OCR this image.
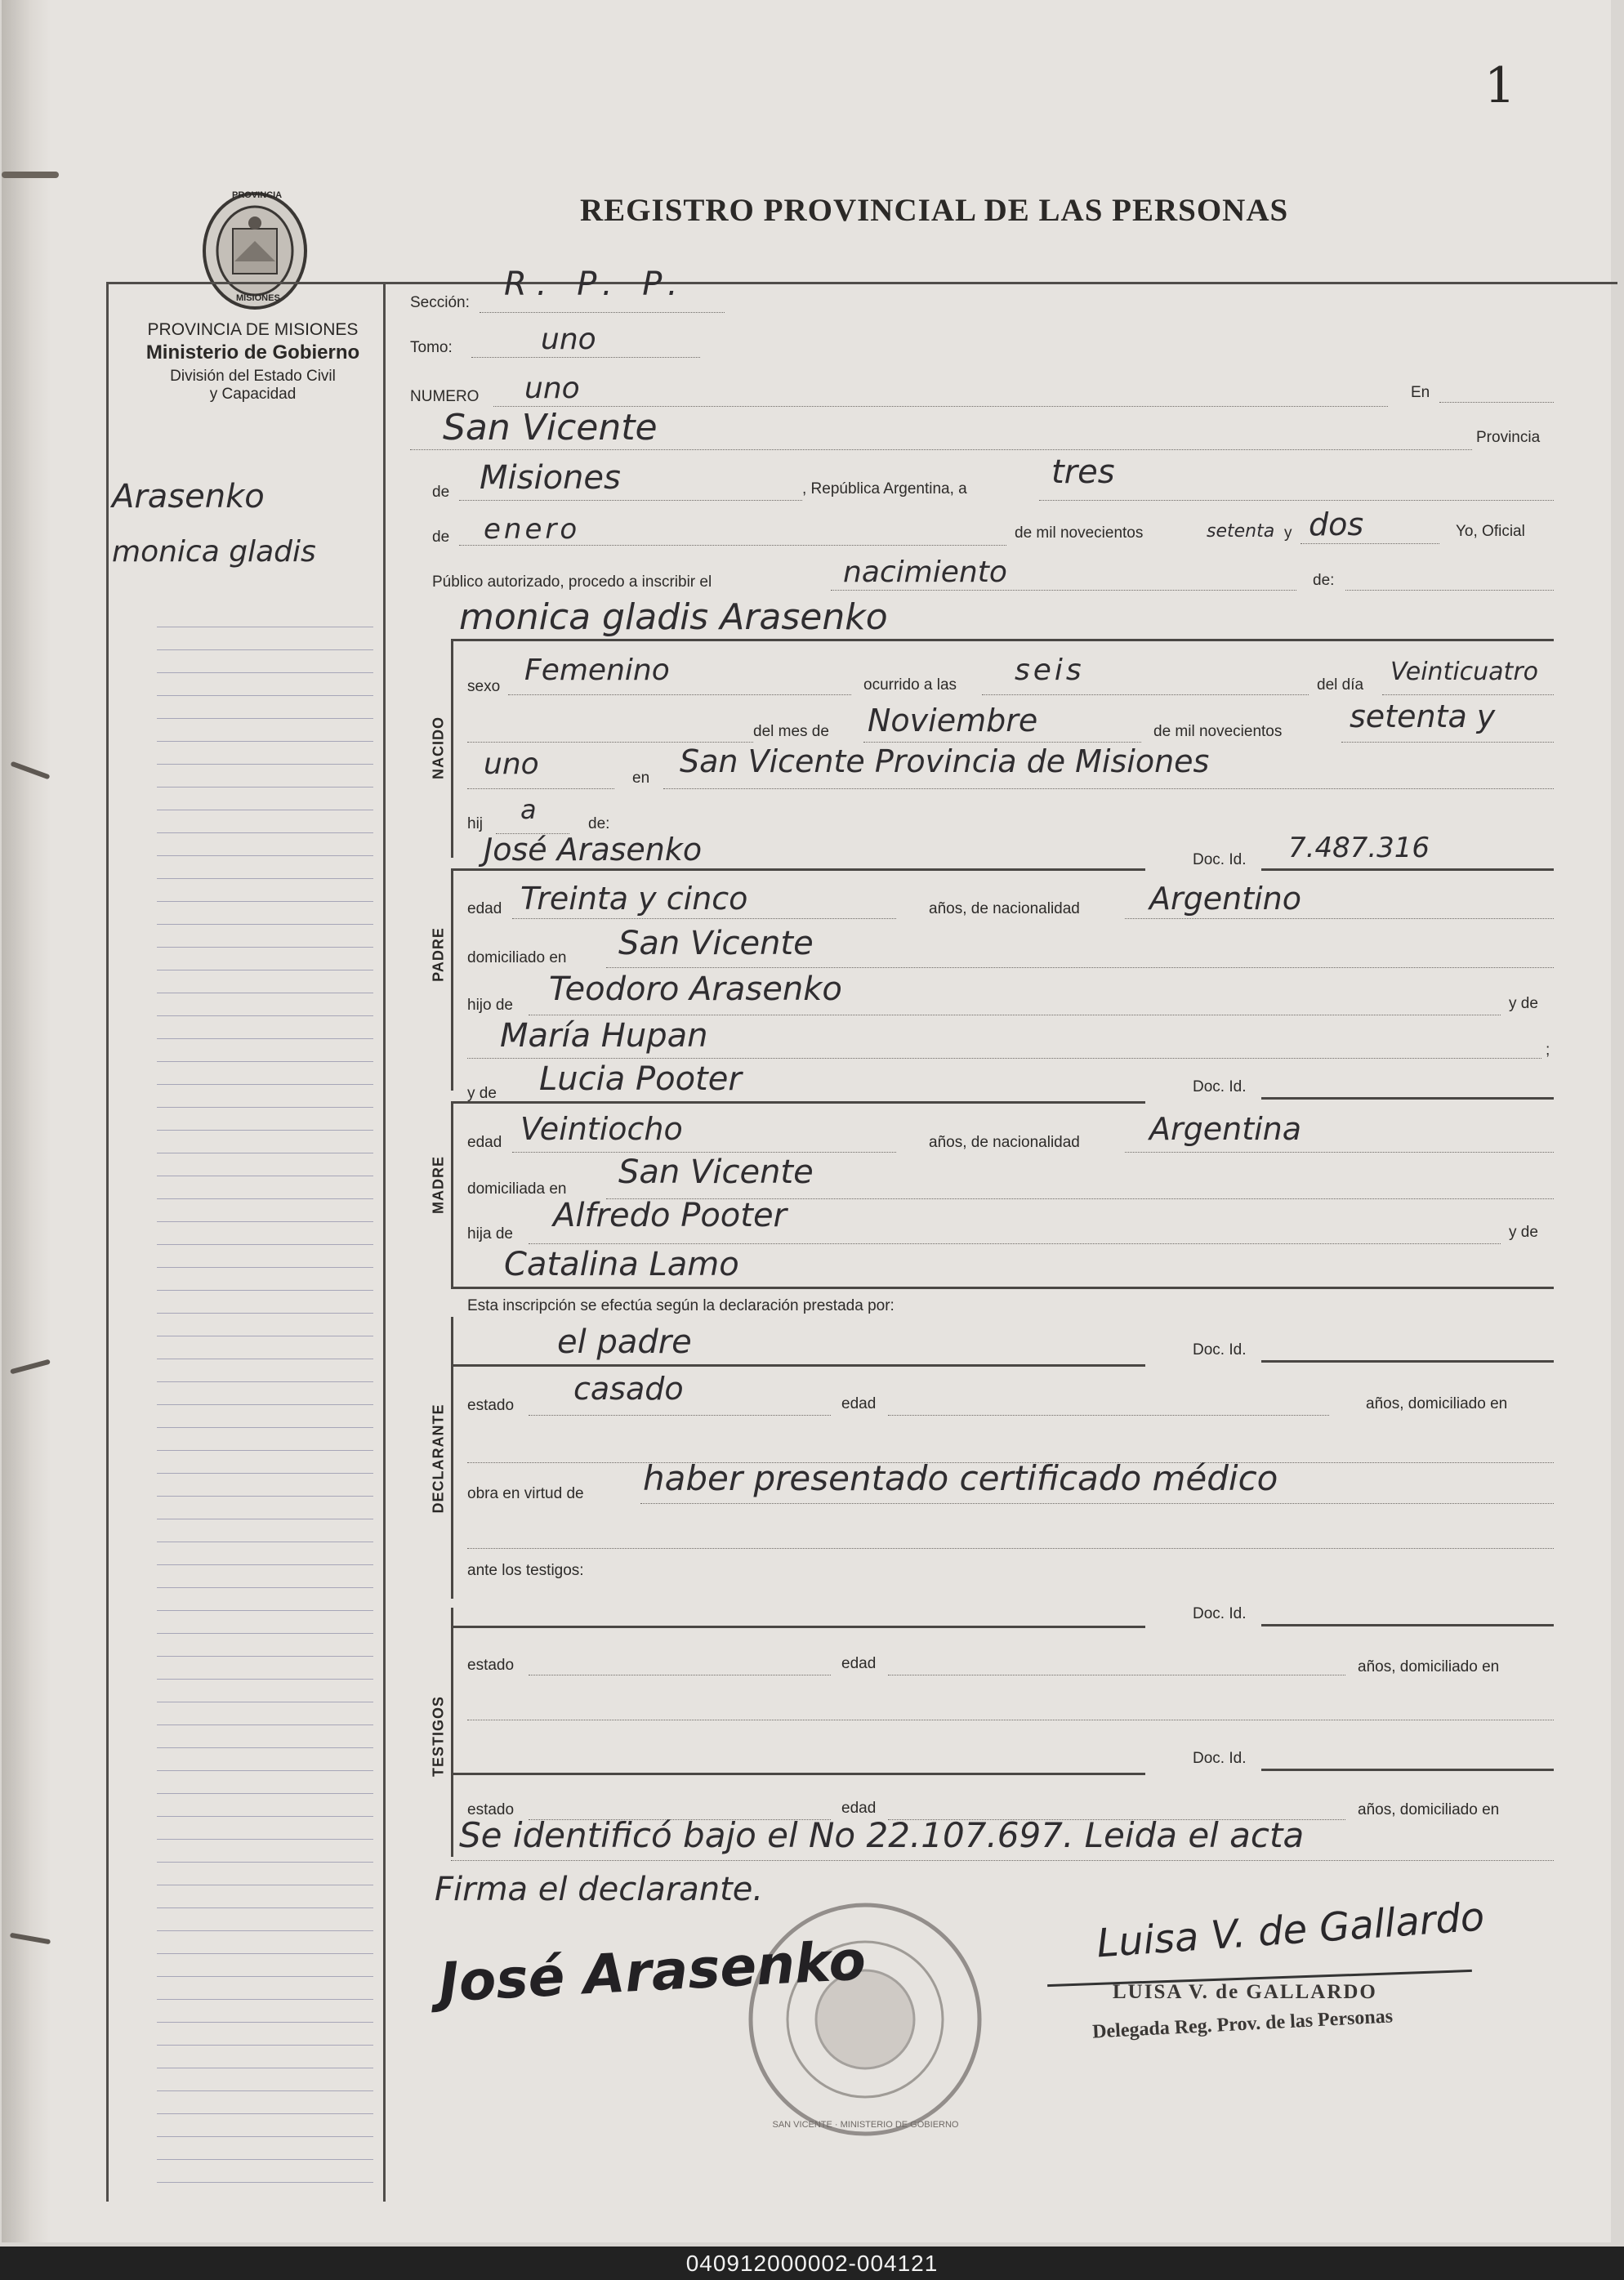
1
PROVINCIA
MISIONES
REGISTRO PROVINCIAL DE LAS PERSONAS
PROVINCIA DE MISIONES
Ministerio de Gobierno
División del Estado Civil
y Capacidad
Arasenko
monica gladis
Sección: R. P. P.
Tomo:	uno
NUMERO uno	En
San Vicente	Provincia
de Misiones	, República Argentina, a	tres
de enero	de mil novecientos	setenta y dos	Yo, Oficial
Público autorizado, procedo a inscribir el	nacimiento	de:
NACIDO
monica gladis Arasenko
sexo Femenino	ocurrido a las seis	del día Veinticuatro
del mes de Noviembre	de mil novecientos setenta y
uno	en San Vicente Provincia de Misiones
hij a	de:
PADRE
José Arasenko	Doc. Id. 7.487.316
edad Treinta y cinco	años, de nacionalidad Argentino
domiciliado en San Vicente
hijo de Teodoro Arasenko	y de
María Hupan	;
y de Lucia Pooter	Doc. Id.
MADRE
edad Veintiocho	años, de nacionalidad Argentina
domiciliada en San Vicente
hija de Alfredo Pooter	y de
Catalina Lamo
Esta inscripción se efectúa según la declaración prestada por:
DECLARANTE
el padre	Doc. Id.
estado casado	edad	años, domiciliado en
obra en virtud de haber presentado certificado médico
ante los testigos:
TESTIGOS
Doc. Id.
estado	edad	años, domiciliado en
Doc. Id.
estado	edad	años, domiciliado en
Se identificó bajo el No 22.107.697. Leida el acta
Firma el declarante.
SAN VICENTE · MINISTERIO DE GOBIERNO
José Arasenko	Luisa V. de Gallardo
LUISA V. de GALLARDO
Delegada Reg. Prov. de las Personas
040912000002-004121
